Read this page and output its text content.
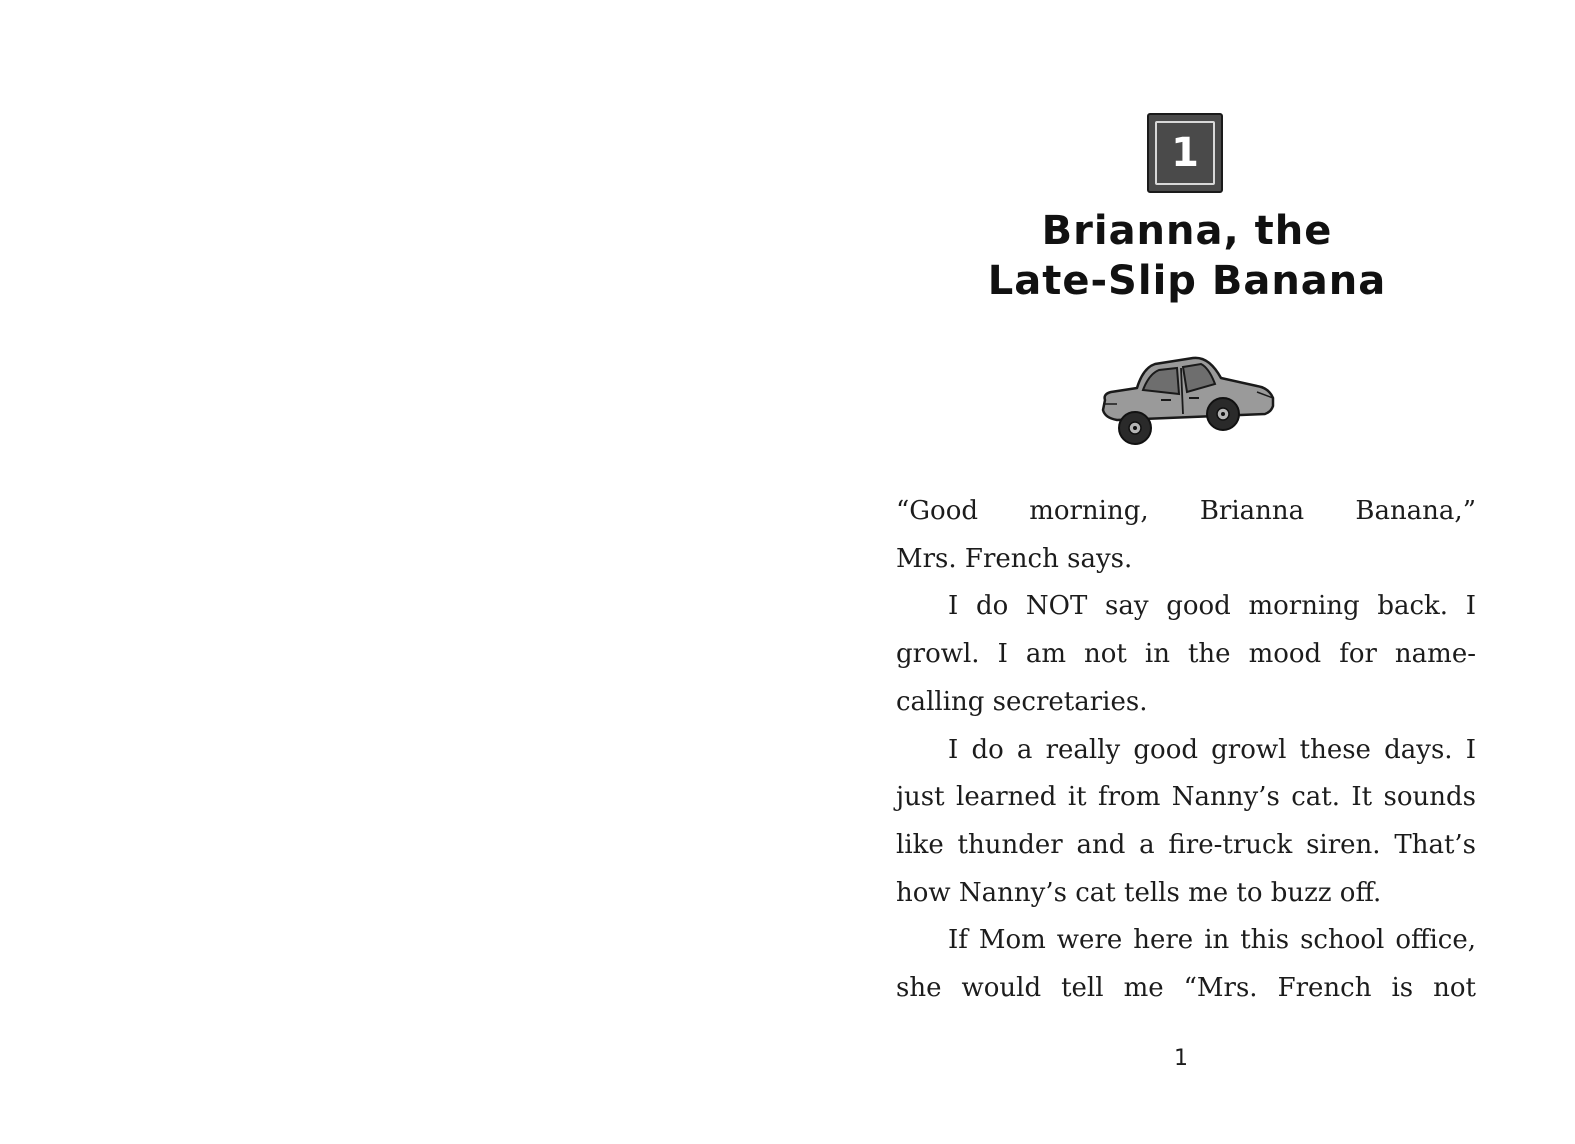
1
Brianna, the
Late-Slip Banana
“Good morning, Brianna Banana,”
Mrs. French says.
I do NOT say good morning back. I
growl. I am not in the mood for name-
calling secretaries.
I do a really good growl these days. I
just learned it from Nanny’s cat. It sounds
like thunder and a fire-truck siren. That’s
how Nanny’s cat tells me to buzz off.
If Mom were here in this school office,
she would tell me “Mrs. French is not
1
